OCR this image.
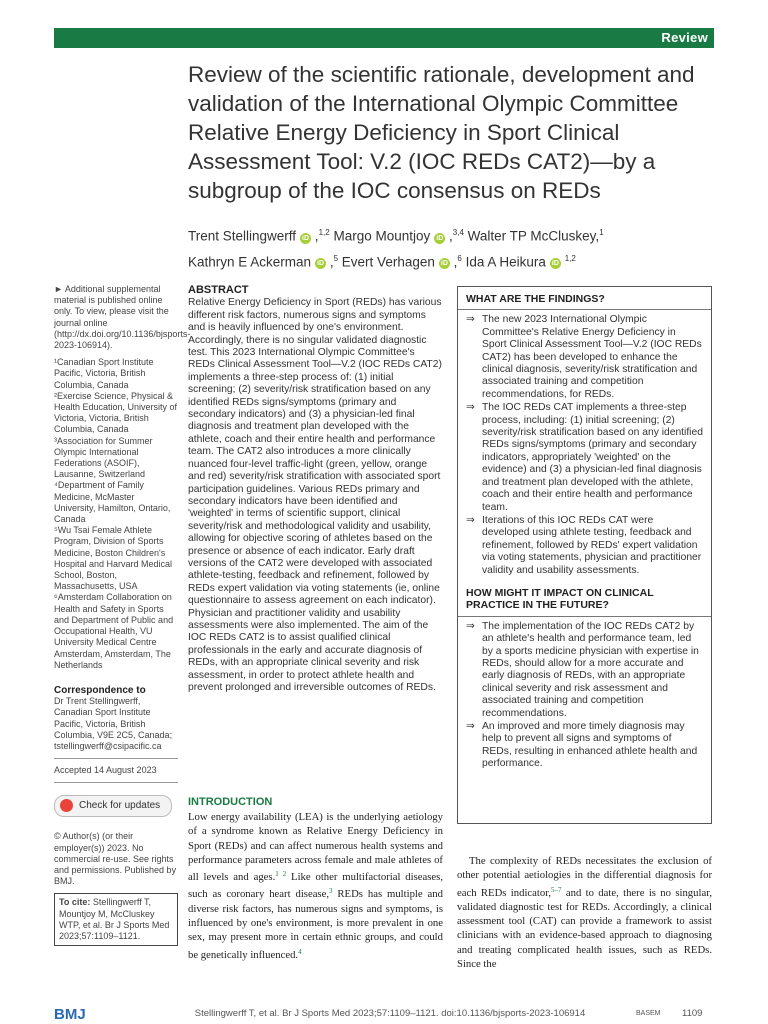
Review
Review of the scientific rationale, development and validation of the International Olympic Committee Relative Energy Deficiency in Sport Clinical Assessment Tool: V.2 (IOC REDs CAT2)—by a subgroup of the IOC consensus on REDs
Trent Stellingwerff iD ,$^{1,2}$ Margo Mountjoy iD ,$^{3,4}$ Walter TP McCluskey,$^1$
Kathryn E Ackerman iD ,$^5$ Evert Verhagen iD ,$^6$ Ida A Heikura iD $^{1,2}$

► Additional supplemental material is published online only. To view, please visit the journal online (http://dx.doi.org/10.1136/bjsports-2023-106914).

¹Canadian Sport Institute Pacific, Victoria, British Columbia, Canada

²Exercise Science, Physical & Health Education, University of Victoria, Victoria, British Columbia, Canada

³Association for Summer Olympic International Federations (ASOIF), Lausanne, Switzerland

⁴Department of Family Medicine, McMaster University, Hamilton, Ontario, Canada

⁵Wu Tsai Female Athlete Program, Division of Sports Medicine, Boston Children's Hospital and Harvard Medical School, Boston, Massachusetts, USA

⁶Amsterdam Collaboration on Health and Safety in Sports and Department of Public and Occupational Health, VU University Medical Centre Amsterdam, Amsterdam, The Netherlands

Correspondence to

Dr Trent Stellingwerff, Canadian Sport Institute Pacific, Victoria, British Columbia, V9E 2C5, Canada; tstellingwerff@csipacific.ca

Accepted 14 August 2023

Check for updates

© Author(s) (or their employer(s)) 2023. No commercial re-use. See rights and permissions. Published by BMJ.

To cite: Stellingwerff T, Mountjoy M, McCluskey WTP, et al. Br J Sports Med 2023;57:1109–1121.
ABSTRACT
Relative Energy Deficiency in Sport (REDs) has various different risk factors, numerous signs and symptoms and is heavily influenced by one's environment. Accordingly, there is no singular validated diagnostic test. This 2023 International Olympic Committee's REDs Clinical Assessment Tool—V.2 (IOC REDs CAT2) implements a three-step process of: (1) initial screening; (2) severity/risk stratification based on any identified REDs signs/symptoms (primary and secondary indicators) and (3) a physician-led final diagnosis and treatment plan developed with the athlete, coach and their entire health and performance team. The CAT2 also introduces a more clinically nuanced four-level traffic-light (green, yellow, orange and red) severity/risk stratification with associated sport participation guidelines. Various REDs primary and secondary indicators have been identified and 'weighted' in terms of scientific support, clinical severity/risk and methodological validity and usability, allowing for objective scoring of athletes based on the presence or absence of each indicator. Early draft versions of the CAT2 were developed with associated athlete-testing, feedback and refinement, followed by REDs expert validation via voting statements (ie, online questionnaire to assess agreement on each indicator). Physician and practitioner validity and usability assessments were also implemented. The aim of the IOC REDs CAT2 is to assist qualified clinical professionals in the early and accurate diagnosis of REDs, with an appropriate clinical severity and risk assessment, in order to protect athlete health and prevent prolonged and irreversible outcomes of REDs.
WHAT ARE THE FINDINGS?
⇒ The new 2023 International Olympic Committee's Relative Energy Deficiency in Sport Clinical Assessment Tool—V.2 (IOC REDs CAT2) has been developed to enhance the clinical diagnosis, severity/risk stratification and associated training and competition recommendations, for REDs.
⇒ The IOC REDs CAT implements a three-step process, including: (1) initial screening; (2) severity/risk stratification based on any identified REDs signs/symptoms (primary and secondary indicators, appropriately 'weighted' on the evidence) and (3) a physician-led final diagnosis and treatment plan developed with the athlete, coach and their entire health and performance team.
⇒ Iterations of this IOC REDs CAT were developed using athlete testing, feedback and refinement, followed by REDs' expert validation via voting statements, physician and practitioner validity and usability assessments.
HOW MIGHT IT IMPACT ON CLINICAL PRACTICE IN THE FUTURE?
⇒ The implementation of the IOC REDs CAT2 by an athlete's health and performance team, led by a sports medicine physician with expertise in REDs, should allow for a more accurate and early diagnosis of REDs, with an appropriate clinical severity and risk assessment and associated training and competition recommendations.
⇒ An improved and more timely diagnosis may help to prevent all signs and symptoms of REDs, resulting in enhanced athlete health and performance.
INTRODUCTION

Low energy availability (LEA) is the underlying aetiology of a syndrome known as Relative Energy Deficiency in Sport (REDs) and can affect numerous health systems and performance parameters across female and male athletes of all levels and ages.$^{1 2}$ Like other multifactorial diseases, such as coronary heart disease,$^3$ REDs has multiple and diverse risk factors, has numerous signs and symptoms, is influenced by one's environment, is more prevalent in one sex, may present more in certain ethnic groups, and could be genetically influenced.$^4$

The complexity of REDs necessitates the exclusion of other potential aetiologies in the differential diagnosis for each REDs indicator,$^{5-7}$ and to date, there is no singular, validated diagnostic test for REDs. Accordingly, a clinical assessment tool (CAT) can provide a framework to assist clinicians with an evidence-based approach to diagnosing and treating complicated health issues, such as REDs. Since the

BMJ	Stellingwerff T, et al. Br J Sports Med 2023;57:1109–1121. doi:10.1136/bjsports-2023-106914	BASEM 1109
